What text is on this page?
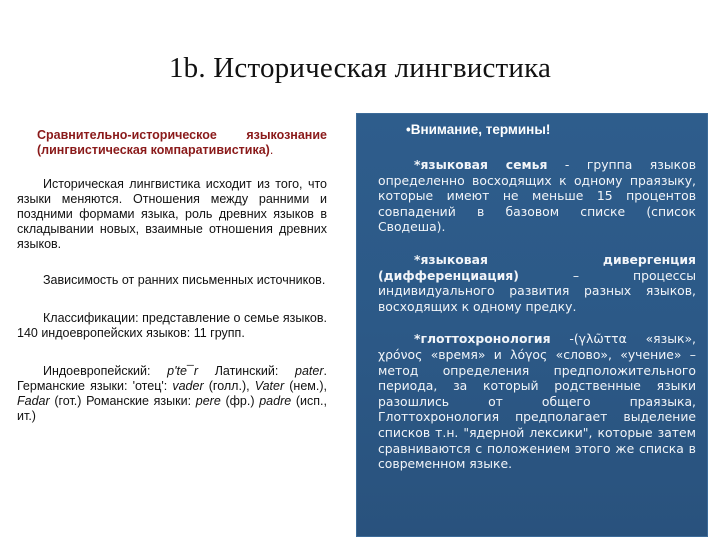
1b. Историческая лингвистика

Сравнительно-историческое языкознание (лингвистическая компаративистика).

Историческая лингвистика исходит из того, что языки меняются. Отношения между ранними и поздними формами языка, роль древних языков в складывании новых, взаимные отношения древних языков.

Зависимость от ранних письменных источников.

Классификации: представление о семье языков. 140 индоевропейских языков: 11 групп.

Индоевропейский: p'te¯r Латинский: pater. Германские языки: 'отец': vader (голл.), Vater (нем.), Fadar (гот.) Романские языки: pere (фр.) padre (исп., ит.)

•Внимание, термины!

*языковая семья - группа языков определенно восходящих к одному праязыку, которые имеют не меньше 15 процентов совпадений в базовом списке (список Сводеша).

*языковая дивергенция (дифференциация) – процессы индивидуального развития разных языков, восходящих к одному предку.

*глоттохронология -(γλῶττα «язык», χρόνος «время» и λόγος «слово», «учение» – метод определения предположительного периода, за который родственные языки разошлись от общего праязыка, Глоттохронология предполагает выделение списков т.н. "ядерной лексики", которые затем сравниваются с положением этого же списка в современном языке.
